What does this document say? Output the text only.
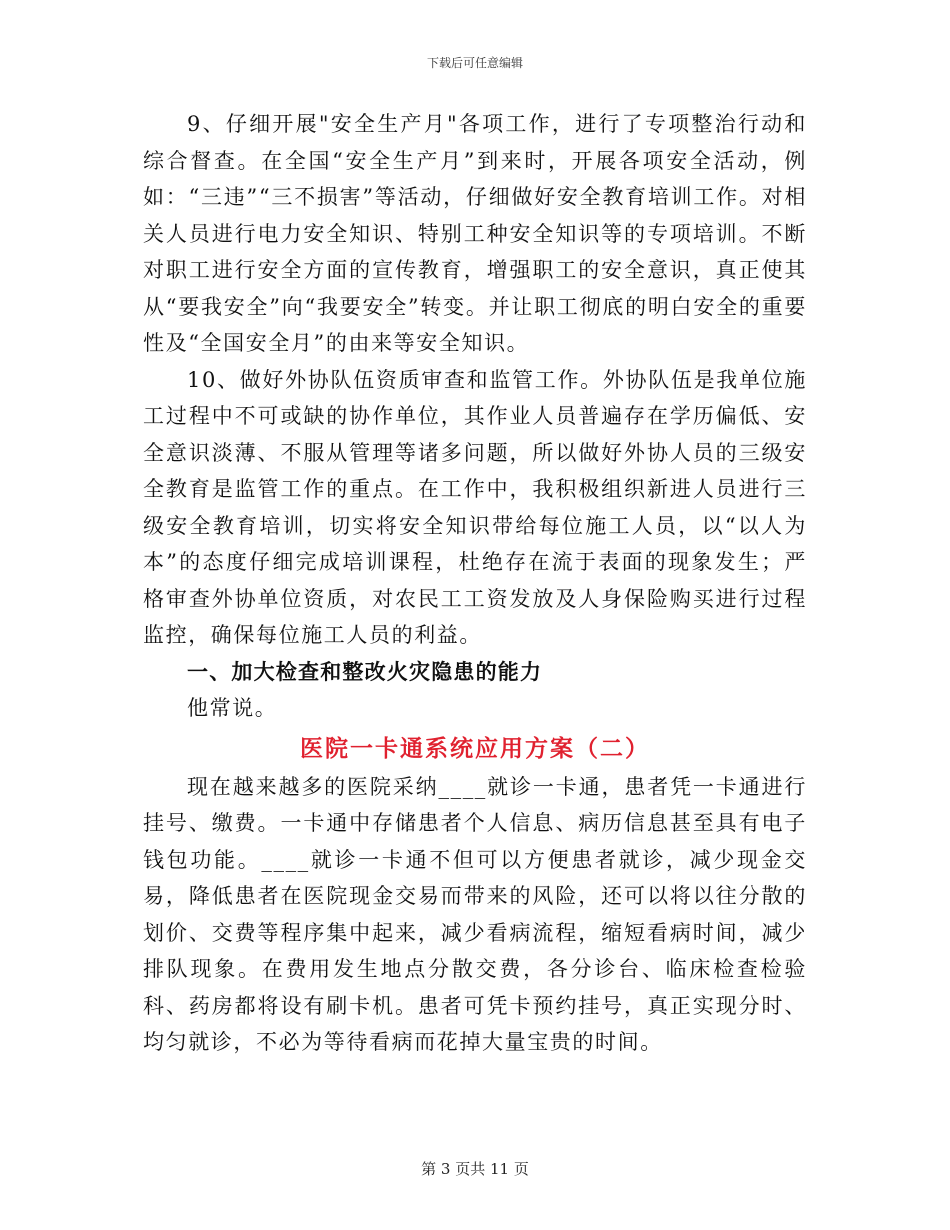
下载后可任意编辑

9、仔细开展"安全生产月"各项工作，进行了专项整治行动和综合督查。在全国“安全生产月”到来时，开展各项安全活动，例如：“三违”“三不损害”等活动，仔细做好安全教育培训工作。对相关人员进行电力安全知识、特别工种安全知识等的专项培训。不断对职工进行安全方面的宣传教育，增强职工的安全意识，真正使其从“要我安全”向“我要安全”转变。并让职工彻底的明白安全的重要性及“全国安全月”的由来等安全知识。

10、做好外协队伍资质审查和监管工作。外协队伍是我单位施工过程中不可或缺的协作单位，其作业人员普遍存在学历偏低、安全意识淡薄、不服从管理等诸多问题，所以做好外协人员的三级安全教育是监管工作的重点。在工作中，我积极组织新进人员进行三级安全教育培训，切实将安全知识带给每位施工人员，以“以人为本”的态度仔细完成培训课程，杜绝存在流于表面的现象发生；严格审查外协单位资质，对农民工工资发放及人身保险购买进行过程监控，确保每位施工人员的利益。

一、加大检查和整改火灾隐患的能力

他常说。

医院一卡通系统应用方案（二）

现在越来越多的医院采纳____就诊一卡通，患者凭一卡通进行挂号、缴费。一卡通中存储患者个人信息、病历信息甚至具有电子钱包功能。____就诊一卡通不但可以方便患者就诊，减少现金交易，降低患者在医院现金交易而带来的风险，还可以将以往分散的划价、交费等程序集中起来，减少看病流程，缩短看病时间，减少排队现象。在费用发生地点分散交费，各分诊台、临床检查检验科、药房都将设有刷卡机。患者可凭卡预约挂号，真正实现分时、均匀就诊，不必为等待看病而花掉大量宝贵的时间。

第 3 页共 11 页
